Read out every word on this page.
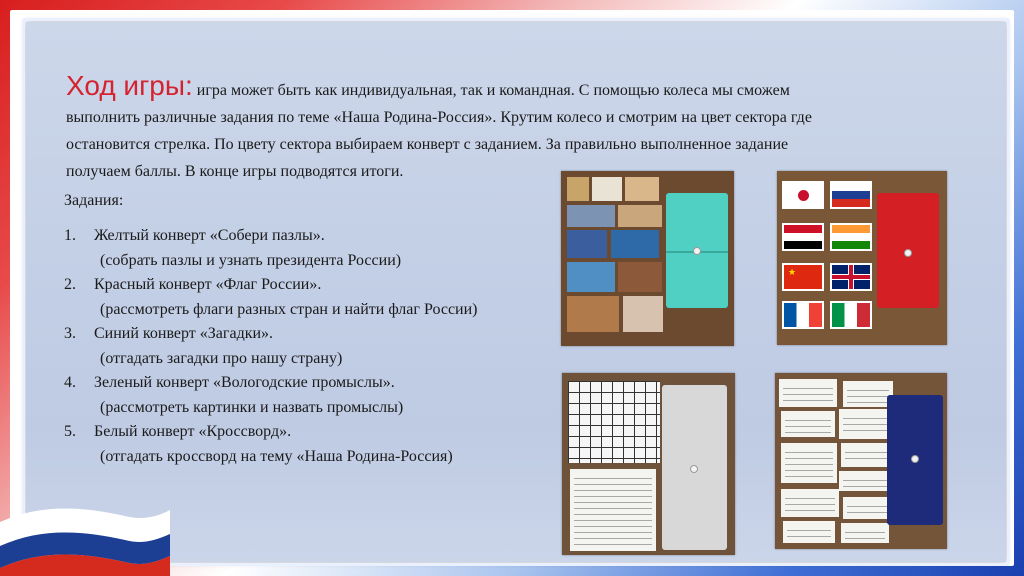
Ход игры: игра может быть как индивидуальная, так и командная. С помощью колеса мы сможем
выполнить различные задания по теме «Наша Родина-Россия». Крутим колесо и смотрим на цвет сектора где
остановится стрелка. По цвету сектора выбираем конверт с заданием. За правильно выполненное задание
получаем баллы. В конце игры подводятся итоги.
Задания:
1.	Желтый конверт «Собери пазлы».
(собрать пазлы и узнать президента России)
2.	Красный конверт «Флаг России».
(рассмотреть флаги разных стран и найти флаг России)
3.	Синий конверт «Загадки».
(отгадать загадки про нашу страну)
4.	Зеленый конверт «Вологодские промыслы».
(рассмотреть картинки и назвать промыслы)
5.	Белый конверт «Кроссворд».
(отгадать кроссворд на тему «Наша Родина-Россия)
★
